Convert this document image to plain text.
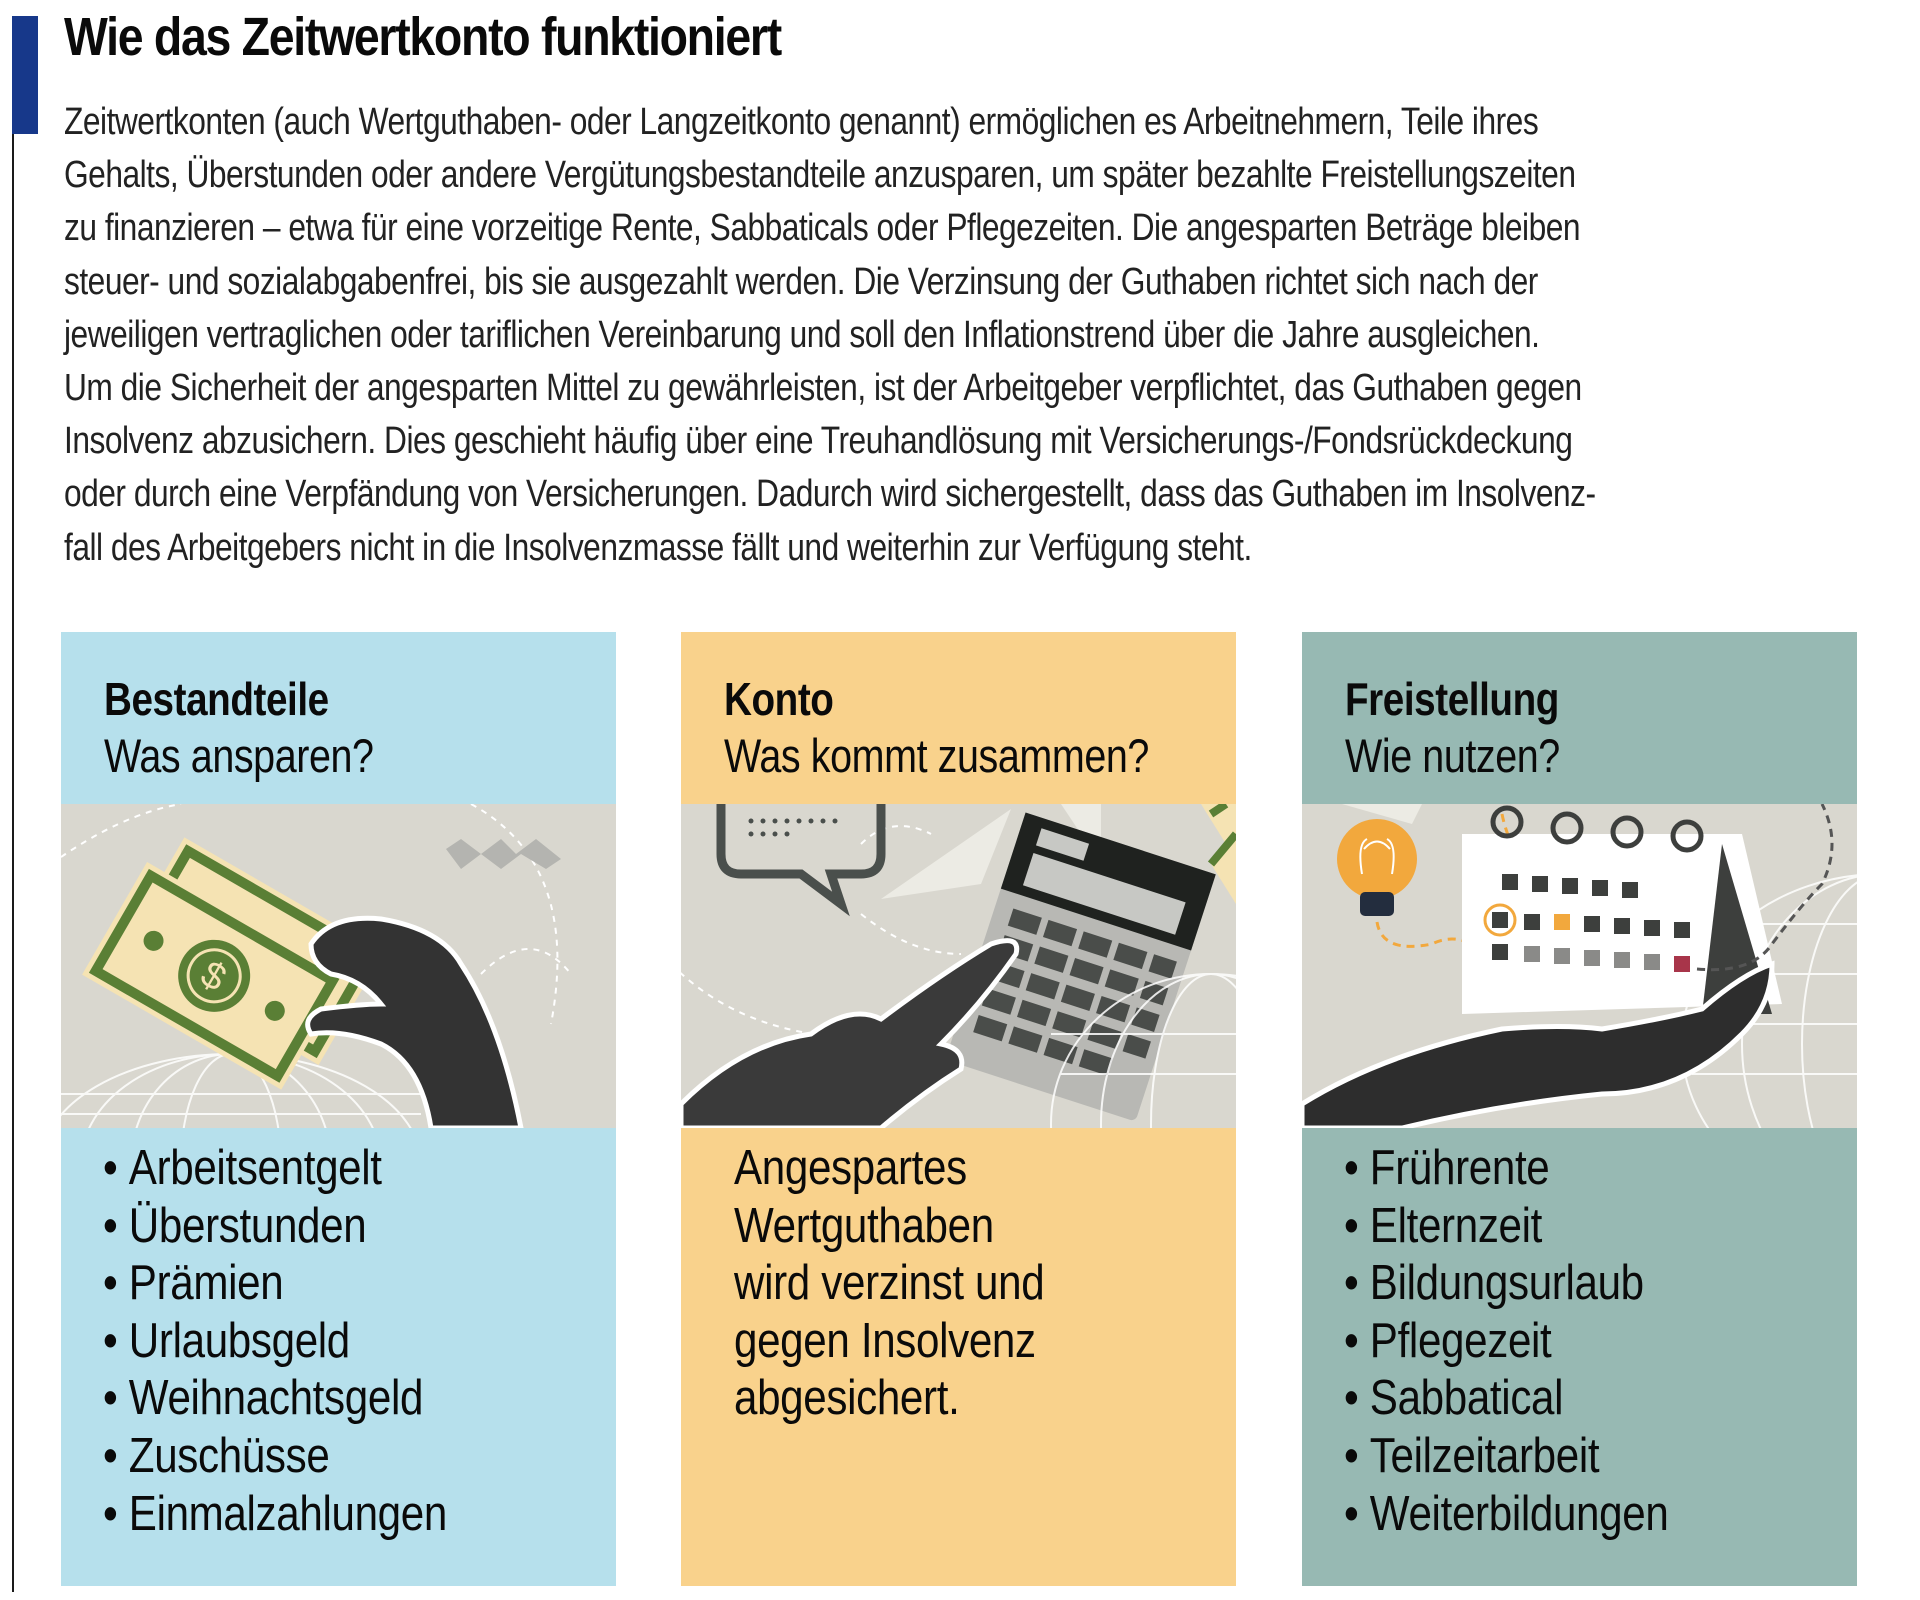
Wie das Zeitwertkonto funktioniert
Zeitwertkonten (auch Wertguthaben- oder Langzeitkonto genannt) ermöglichen es Arbeitnehmern, Teile ihres
Gehalts, Überstunden oder andere Vergütungsbestandteile anzusparen, um später bezahlte Freistellungszeiten
zu finanzieren – etwa für eine vorzeitige Rente, Sabbaticals oder Pflegezeiten. Die angesparten Beträge bleiben
steuer- und sozialabgabenfrei, bis sie ausgezahlt werden. Die Verzinsung der Guthaben richtet sich nach der
jeweiligen vertraglichen oder tariflichen Vereinbarung und soll den Inflationstrend über die Jahre ausgleichen.
Um die Sicherheit der angesparten Mittel zu gewährleisten, ist der Arbeitgeber verpflichtet, das Guthaben gegen
Insolvenz abzusichern. Dies geschieht häufig über eine Treuhandlösung mit Versicherungs-/Fondsrückdeckung
oder durch eine Verpfändung von Versicherungen. Dadurch wird sichergestellt, dass das Guthaben im Insolvenz-
fall des Arbeitgebers nicht in die Insolvenzmasse fällt und weiterhin zur Verfügung steht.
Bestandteile
Was ansparen?
$
• Arbeitsentgelt
• Überstunden
• Prämien
• Urlaubsgeld
• Weihnachtsgeld
• Zuschüsse
• Einmalzahlungen
Konto
Was kommt zusammen?
Angespartes
Wertguthaben
wird verzinst und
gegen Insolvenz
abgesichert.
Freistellung
Wie nutzen?
• Frührente
• Elternzeit
• Bildungsurlaub
• Pflegezeit
• Sabbatical
• Teilzeitarbeit
• Weiterbildungen
